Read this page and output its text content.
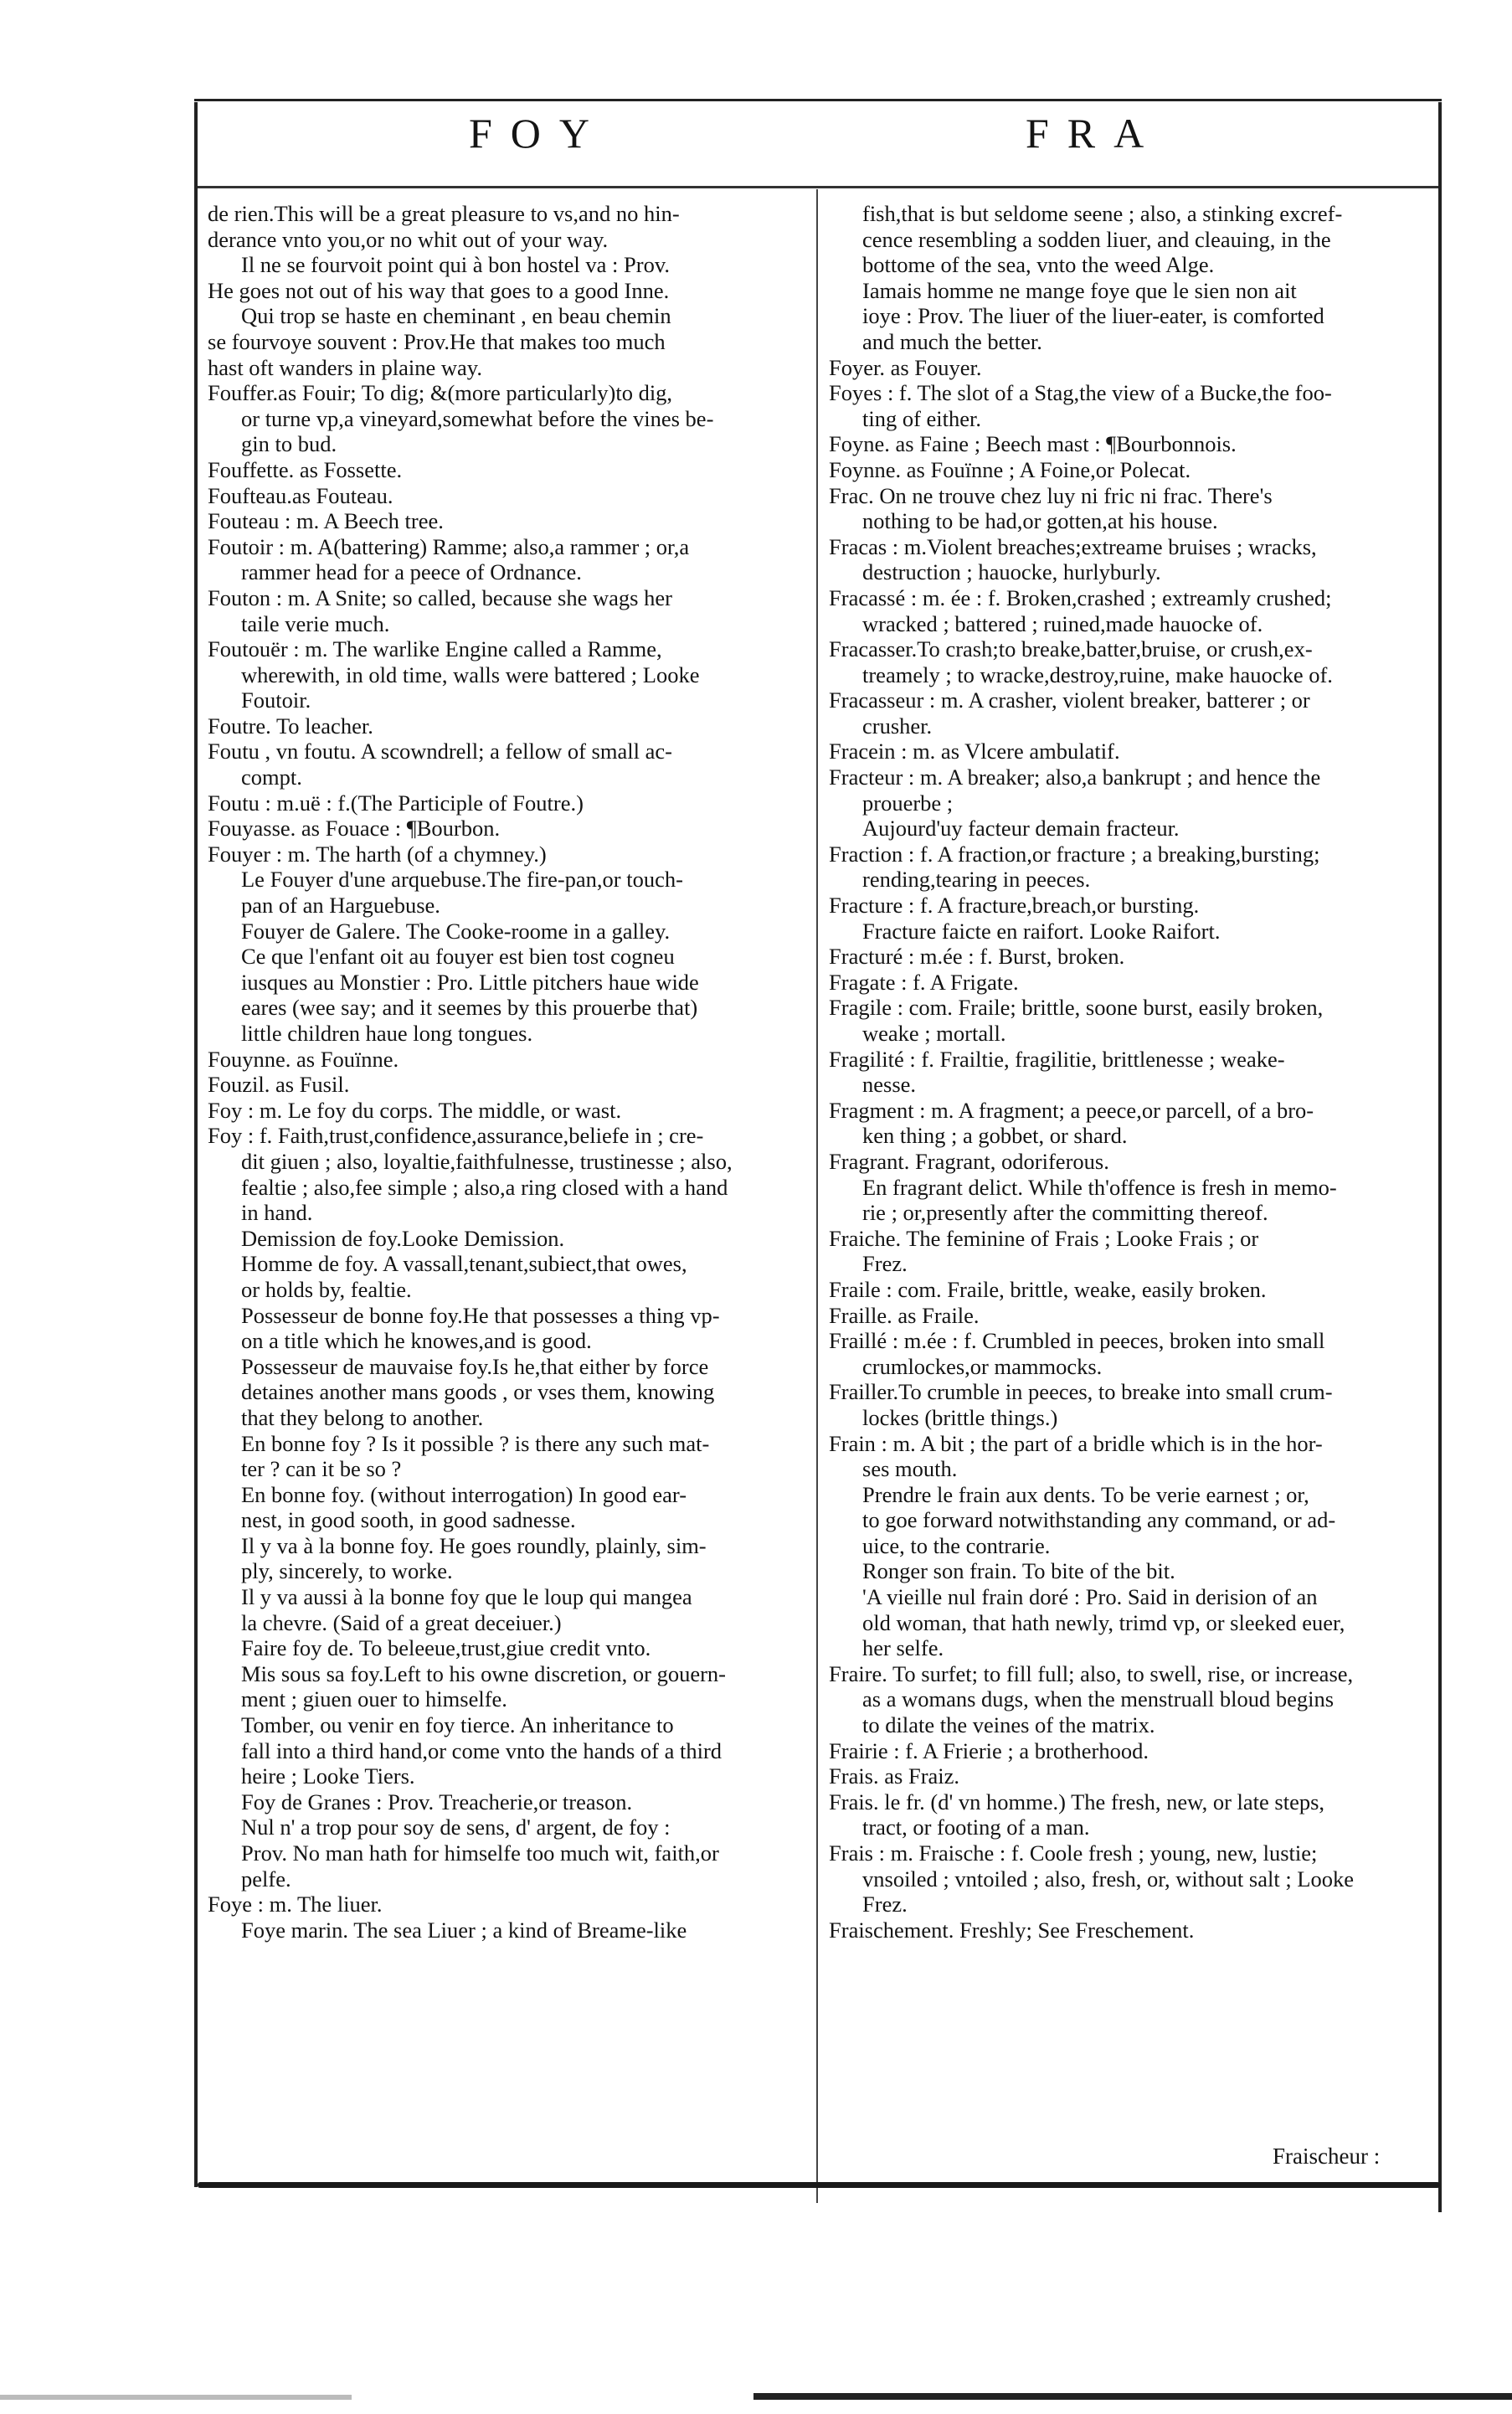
FOY	FRA
de rien.This will be a great pleasure to vs,and no hin-
derance vnto you,or no whit out of your way.
Il ne se fourvoit point qui à bon hostel va : Prov.
He goes not out of his way that goes to a good Inne.
Qui trop se haste en cheminant , en beau chemin
se fourvoye souvent : Prov.He that makes too much
hast oft wanders in plaine way.
Fouffer.as Fouir; To dig; &(more particularly)to dig,
or turne vp,a vineyard,somewhat before the vines be-
gin to bud.
Fouffette. as Fossette.
Foufteau.as Fouteau.
Fouteau : m. A Beech tree.
Foutoir : m. A(battering) Ramme; also,a rammer ; or,a
rammer head for a peece of Ordnance.
Fouton : m. A Snite; so called, because she wags her
taile verie much.
Foutouër : m. The warlike Engine called a Ramme,
wherewith, in old time, walls were battered ; Looke
Foutoir.
Foutre. To leacher.
Foutu , vn foutu. A scowndrell; a fellow of small ac-
compt.
Foutu : m.uë : f.(The Participle of Foutre.)
Fouyasse. as Fouace : ¶Bourbon.
Fouyer : m. The harth (of a chymney.)
Le Fouyer d'une arquebuse.The fire-pan,or touch-
pan of an Harguebuse.
Fouyer de Galere. The Cooke-roome in a galley.
Ce que l'enfant oit au fouyer est bien tost cogneu
iusques au Monstier : Pro. Little pitchers haue wide
eares (wee say; and it seemes by this prouerbe that)
little children haue long tongues.
Fouynne. as Fouïnne.
Fouzil. as Fusil.
Foy : m. Le foy du corps. The middle, or wast.
Foy : f. Faith,trust,confidence,assurance,beliefe in ; cre-
dit giuen ; also, loyaltie,faithfulnesse, trustinesse ; also,
fealtie ; also,fee simple ; also,a ring closed with a hand
in hand.
Demission de foy.Looke Demission.
Homme de foy. A vassall,tenant,subiect,that owes,
or holds by, fealtie.
Possesseur de bonne foy.He that possesses a thing vp-
on a title which he knowes,and is good.
Possesseur de mauvaise foy.Is he,that either by force
detaines another mans goods , or vses them, knowing
that they belong to another.
En bonne foy ? Is it possible ? is there any such mat-
ter ? can it be so ?
En bonne foy. (without interrogation) In good ear-
nest, in good sooth, in good sadnesse.
Il y va à la bonne foy. He goes roundly, plainly, sim-
ply, sincerely, to worke.
Il y va aussi à la bonne foy que le loup qui mangea
la chevre. (Said of a great deceiuer.)
Faire foy de. To beleeue,trust,giue credit vnto.
Mis sous sa foy.Left to his owne discretion, or gouern-
ment ; giuen ouer to himselfe.
Tomber, ou venir en foy tierce. An inheritance to
fall into a third hand,or come vnto the hands of a third
heire ; Looke Tiers.
Foy de Granes : Prov. Treacherie,or treason.
Nul n' a trop pour soy de sens, d' argent, de foy :
Prov. No man hath for himselfe too much wit, faith,or
pelfe.
Foye : m. The liuer.
Foye marin. The sea Liuer ; a kind of Breame-like
fish,that is but seldome seene ; also, a stinking excref-
cence resembling a sodden liuer, and cleauing, in the
bottome of the sea, vnto the weed Alge.
Iamais homme ne mange foye que le sien non ait
ioye : Prov. The liuer of the liuer-eater, is comforted
and much the better.
Foyer. as Fouyer.
Foyes : f. The slot of a Stag,the view of a Bucke,the foo-
ting of either.
Foyne. as Faine ; Beech mast : ¶Bourbonnois.
Foynne. as Fouïnne ; A Foine,or Polecat.
Frac. On ne trouve chez luy ni fric ni frac. There's
nothing to be had,or gotten,at his house.
Fracas : m.Violent breaches;extreame bruises ; wracks,
destruction ; hauocke, hurlyburly.
Fracassé : m. ée : f. Broken,crashed ; extreamly crushed;
wracked ; battered ; ruined,made hauocke of.
Fracasser.To crash;to breake,batter,bruise, or crush,ex-
treamely ; to wracke,destroy,ruine, make hauocke of.
Fracasseur : m. A crasher, violent breaker, batterer ; or
crusher.
Fracein : m. as Vlcere ambulatif.
Fracteur : m. A breaker; also,a bankrupt ; and hence the
prouerbe ;
Aujourd'uy facteur demain fracteur.
Fraction : f. A fraction,or fracture ; a breaking,bursting;
rending,tearing in peeces.
Fracture : f. A fracture,breach,or bursting.
Fracture faicte en raifort. Looke Raifort.
Fracturé : m.ée : f. Burst, broken.
Fragate : f. A Frigate.
Fragile : com. Fraile; brittle, soone burst, easily broken,
weake ; mortall.
Fragilité : f. Frailtie, fragilitie, brittlenesse ; weake-
nesse.
Fragment : m. A fragment; a peece,or parcell, of a bro-
ken thing ; a gobbet, or shard.
Fragrant. Fragrant, odoriferous.
En fragrant delict. While th'offence is fresh in memo-
rie ; or,presently after the committing thereof.
Fraiche. The feminine of Frais ; Looke Frais ; or
Frez.
Fraile : com. Fraile, brittle, weake, easily broken.
Fraille. as Fraile.
Fraillé : m.ée : f. Crumbled in peeces, broken into small
crumlockes,or mammocks.
Frailler.To crumble in peeces, to breake into small crum-
lockes (brittle things.)
Frain : m. A bit ; the part of a bridle which is in the hor-
ses mouth.
Prendre le frain aux dents. To be verie earnest ; or,
to goe forward notwithstanding any command, or ad-
uice, to the contrarie.
Ronger son frain. To bite of the bit.
'A vieille nul frain doré : Pro. Said in derision of an
old woman, that hath newly, trimd vp, or sleeked euer,
her selfe.
Fraire. To surfet; to fill full; also, to swell, rise, or increase,
as a womans dugs, when the menstruall bloud begins
to dilate the veines of the matrix.
Frairie : f. A Frierie ; a brotherhood.
Frais. as Fraiz.
Frais. le fr. (d' vn homme.) The fresh, new, or late steps,
tract, or footing of a man.
Frais : m. Fraische : f. Coole fresh ; young, new, lustie;
vnsoiled ; vntoiled ; also, fresh, or, without salt ; Looke
Frez.
Fraischement. Freshly; See Freschement.
Fraischeur :
